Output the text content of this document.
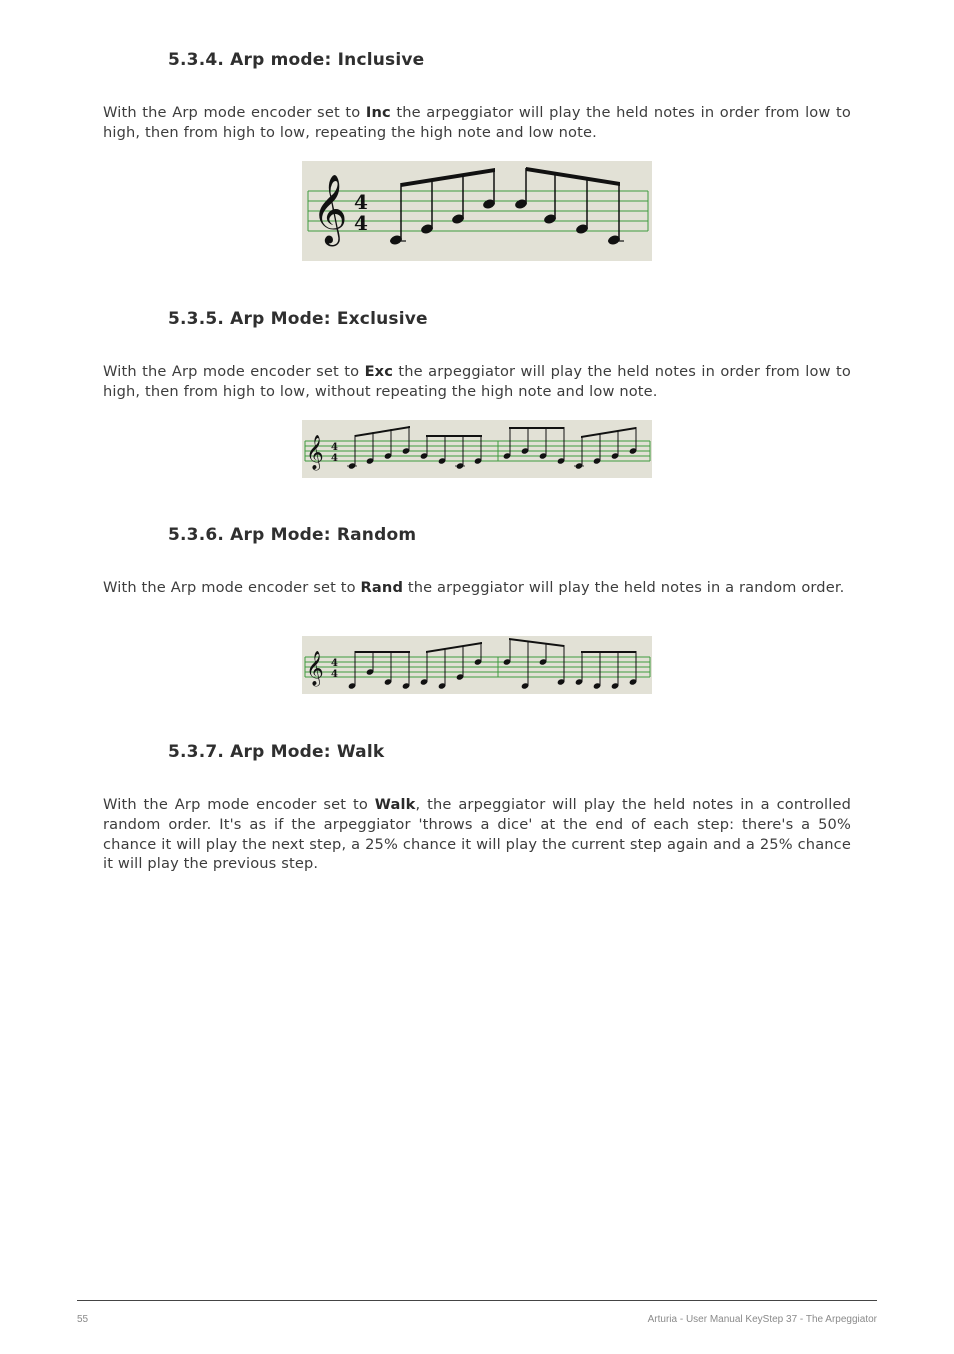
5.3.4. Arp mode: Inclusive

With the Arp mode encoder set to Inc the arpeggiator will play the held notes in order from low to high, then from high to low, repeating the high note and low note.

𝄞 4
4
5.3.5. Arp Mode: Exclusive

With the Arp mode encoder set to Exc the arpeggiator will play the held notes in order from low to high, then from high to low, without repeating the high note and low note.

𝄞 4
4
5.3.6. Arp Mode: Random

With the Arp mode encoder set to Rand the arpeggiator will play the held notes in a random order.

𝄞 4
4
5.3.7. Arp Mode: Walk

With the Arp mode encoder set to Walk, the arpeggiator will play the held notes in a controlled random order. It's as if the arpeggiator 'throws a dice' at the end of each step: there's a 50% chance it will play the next step, a 25% chance it will play the current step again and a 25% chance it will play the previous step.

55	Arturia - User Manual KeyStep 37 - The Arpeggiator
